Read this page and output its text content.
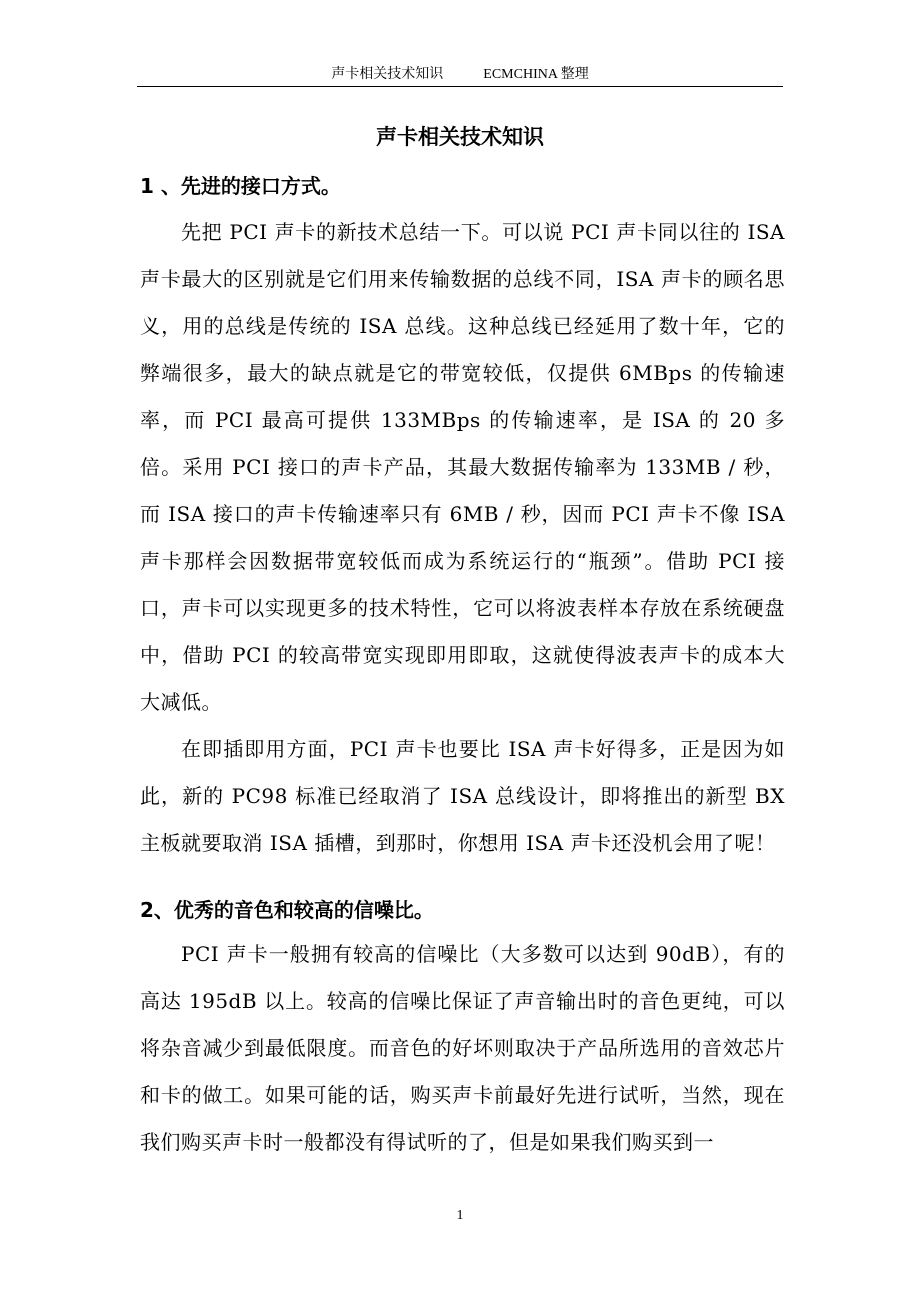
声卡相关技术知识	ECMCHINA 整理
声卡相关技术知识
1 、先进的接口方式。

先把 PCI 声卡的新技术总结一下。可以说 PCI 声卡同以往的 ISA 声卡最大的区别就是它们用来传输数据的总线不同，ISA 声卡的顾名思义，用的总线是传统的 ISA 总线。这种总线已经延用了数十年，它的弊端很多，最大的缺点就是它的带宽较低，仅提供 6MBps 的传输速率，而 PCI 最高可提供 133MBps 的传输速率，是 ISA 的 20 多倍。采用 PCI 接口的声卡产品，其最大数据传输率为 133MB / 秒，而 ISA 接口的声卡传输速率只有 6MB / 秒，因而 PCI 声卡不像 ISA 声卡那样会因数据带宽较低而成为系统运行的“瓶颈”。借助 PCI 接口，声卡可以实现更多的技术特性，它可以将波表样本存放在系统硬盘中，借助 PCI 的较高带宽实现即用即取，这就使得波表声卡的成本大大减低。

在即插即用方面，PCI 声卡也要比 ISA 声卡好得多，正是因为如此，新的 PC98 标准已经取消了 ISA 总线设计，即将推出的新型 BX 主板就要取消 ISA 插槽，到那时，你想用 ISA 声卡还没机会用了呢！

2、优秀的音色和较高的信噪比。

PCI 声卡一般拥有较高的信噪比（大多数可以达到 90dB），有的高达 195dB 以上。较高的信噪比保证了声音输出时的音色更纯，可以将杂音减少到最低限度。而音色的好坏则取决于产品所选用的音效芯片和卡的做工。如果可能的话，购买声卡前最好先进行试听，当然，现在我们购买声卡时一般都没有得试听的了，但是如果我们购买到一

1
